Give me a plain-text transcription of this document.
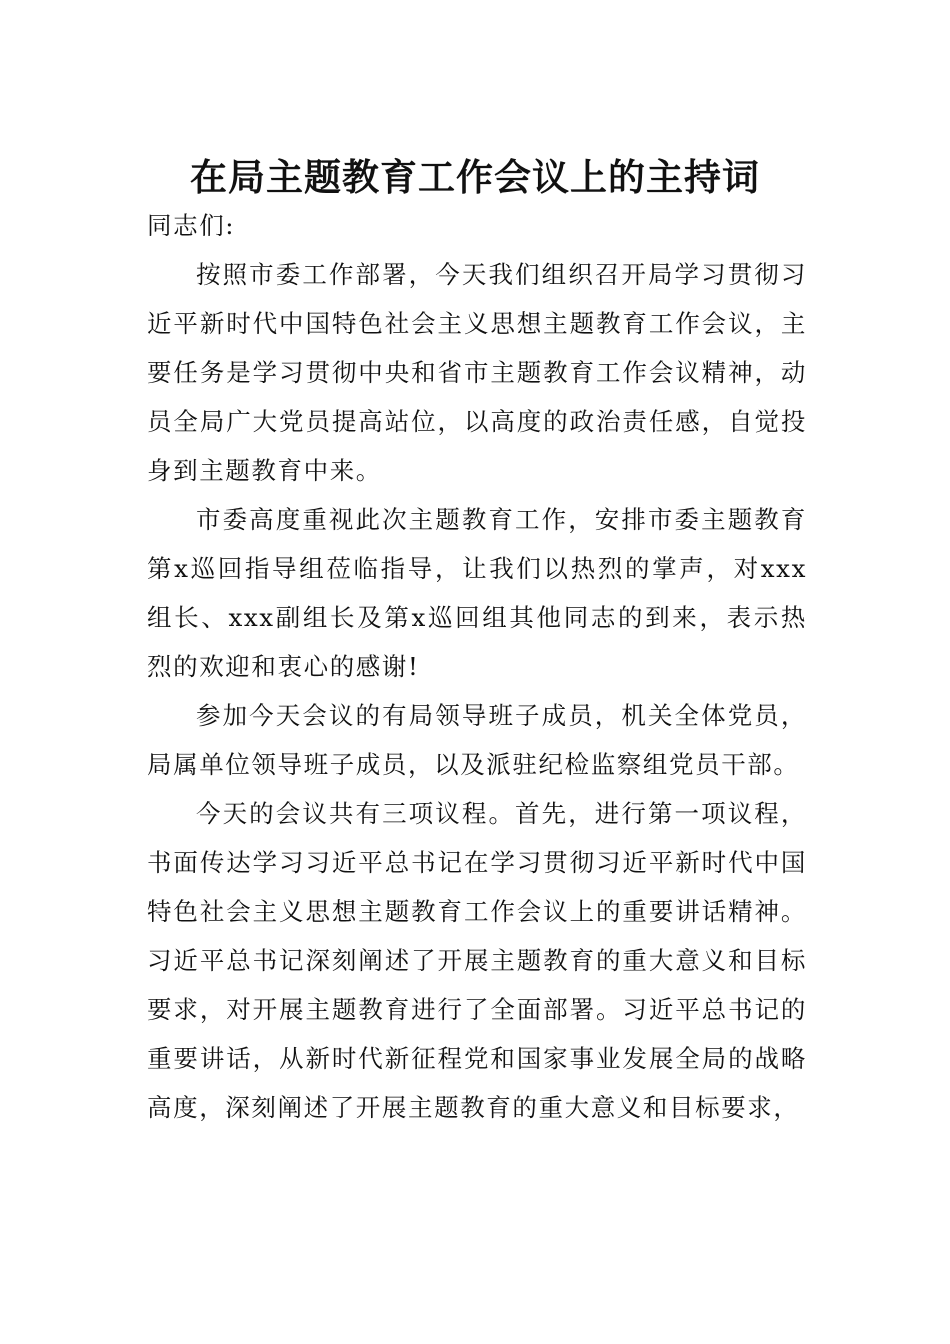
在局主题教育工作会议上的主持词

同志们:

按照市委工作部署，今天我们组织召开局学习贯彻习近平新时代中国特色社会主义思想主题教育工作会议，主要任务是学习贯彻中央和省市主题教育工作会议精神，动员全局广大党员提高站位，以高度的政治责任感，自觉投身到主题教育中来。

市委高度重视此次主题教育工作，安排市委主题教育第x巡回指导组莅临指导，让我们以热烈的掌声，对xxx组长、xxx副组长及第x巡回组其他同志的到来，表示热烈的欢迎和衷心的感谢!

参加今天会议的有局领导班子成员，机关全体党员，局属单位领导班子成员，以及派驻纪检监察组党员干部。

今天的会议共有三项议程。首先，进行第一项议程，书面传达学习习近平总书记在学习贯彻习近平新时代中国特色社会主义思想主题教育工作会议上的重要讲话精神。习近平总书记深刻阐述了开展主题教育的重大意义和目标要求，对开展主题教育进行了全面部署。习近平总书记的重要讲话，从新时代新征程党和国家事业发展全局的战略高度，深刻阐述了开展主题教育的重大意义和目标要求，
